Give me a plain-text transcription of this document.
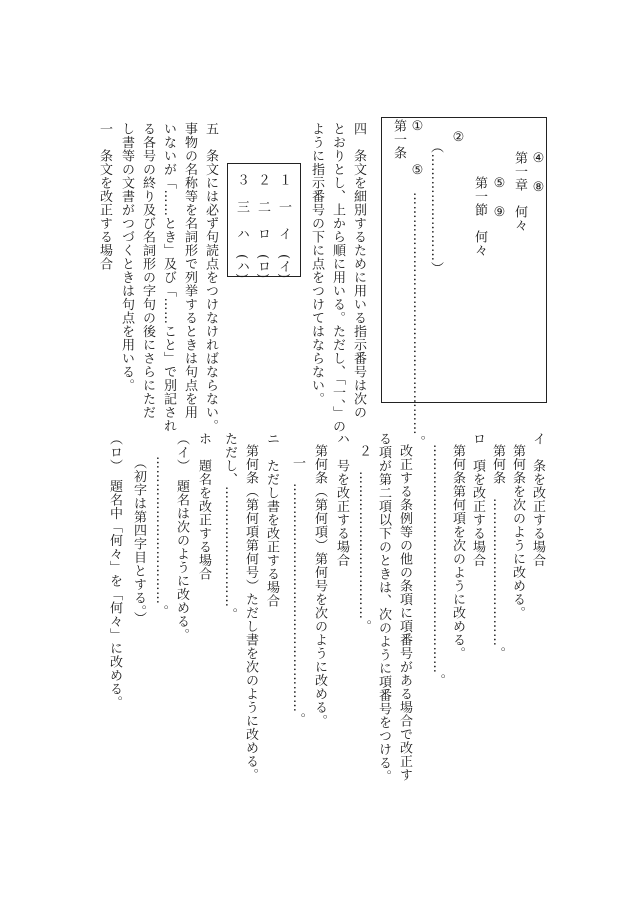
第一条 ①
②
（……………………）
⑤　………………………………………………。	④　⑧
第一章　何々
⑤　⑨
第一節　何々
四　条文を細別するために用いる指示番号は次の
とおりとし、上から順に用いる。ただし、「一、」の
ように指示番号の下に点をつけてはならない。
１　一　イ　(イ)
２　二　ロ　(ロ)
３　三　ハ　(ハ)
五　条文には必ず句読点をつけなければならない。
事物の名称等を名詞形で列挙するときは句点を用
いないが「……とき」及び「……こと」で別記され
る各号の終り及び名詞形の字句の後にさらにただ
し書等の文書がつづくときは句点を用いる。
一　条文を改正する場合
イ　条を改正する場合
第何条を次のように改める。
第何条　……………………………。
ロ　項を改正する場合
第何条第何項を次のように改める。
……………………………………………。
改正する条例等の他の条項に項番号がある場合で改正す
る項が第二項以下のときは、次のように項番号をつける。
２　……………………………。
ハ　号を改正する場合
第何条（第何項）第何号を次のように改める。
一　……………………………………………。
ニ　ただし書を改正する場合
第何条（第何項第何号）ただし書を次のように改める。
ただし、………………………。
ホ　題名を改正する場合
（イ）　題名は次のように改める。
……………………………。
（初字は第四字目とする。）
（ロ）　題名中「何々」を「何々」に改める。
